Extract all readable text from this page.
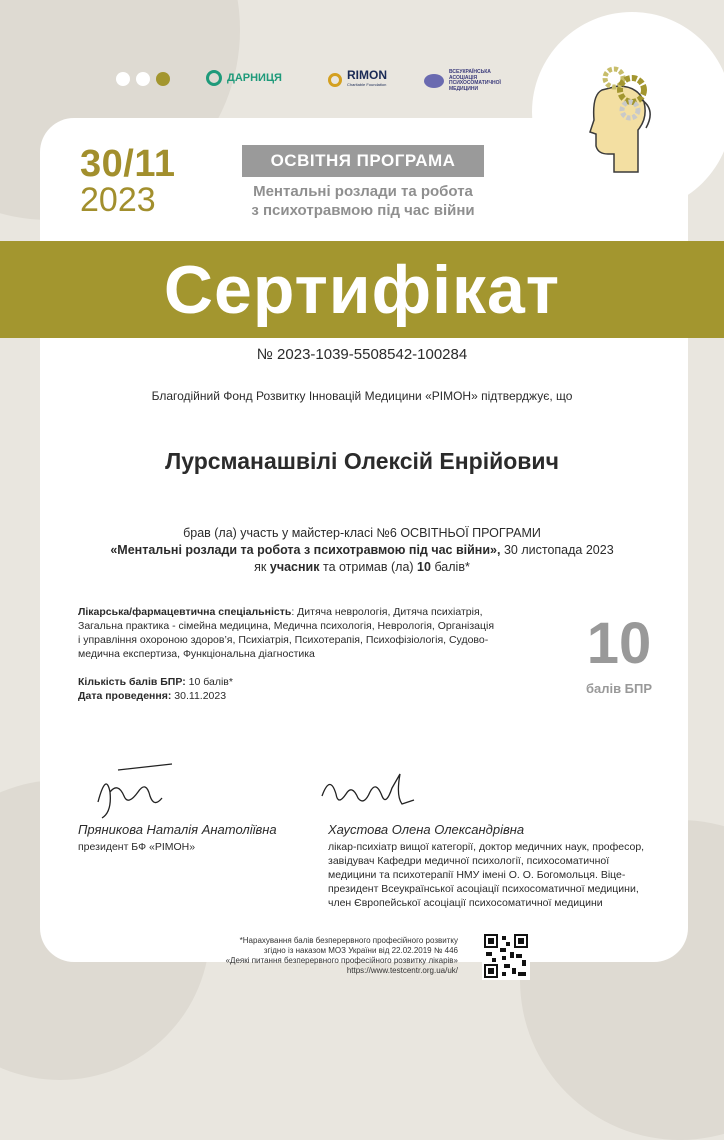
ДАРНИЦЯ	RIMON
Charitable Foundation
ВСЕУКРАЇНСЬКА
АСОЦІАЦІЯ
ПСИХОСОМАТИЧНОЇ
МЕДИЦИНИ
30/11
2023
ОСВІТНЯ ПРОГРАМА
Ментальні розлади та робота
з психотравмою під час війни
Сертифікат
№ 2023-1039-5508542-100284
Благодійний Фонд Розвитку Інновацій Медицини «РІМОН» підтверджує, що
Лурсманашвілі Олексій Енрійович
брав (ла) участь у майстер-класі №6 ОСВІТНЬОЇ ПРОГРАМИ
«Ментальні розлади та робота з психотравмою під час війни», 30 листопада 2023
як учасник та отримав (ла) 10 балів*
Лікарська/фармацевтична спеціальність: Дитяча неврологія, Дитяча психіатрія,
Загальна практика - сімейна медицина, Медична психологія, Неврологія, Організація
і управління охороною здоров’я, Психіатрія, Психотерапія, Психофізіологія, Судово-
медична експертиза, Функціональна діагностика
Кількість балів БПР: 10 балів*
Дата проведення: 30.11.2023
10
балів БПР
Пряникова Наталія Анатоліївна
президент БФ «РІМОН»
Хаустова Олена Олександрівна
лікар-психіатр вищої категорії, доктор медичних наук, професор,
завідувач Кафедри медичної психології, психосоматичної
медицини та психотерапії НМУ імені О. О. Богомольця. Віце-
президент Всеукраїнської асоціації психосоматичної медицини,
член Європейської асоціації психосоматичної медицини
*Нарахування балів безперервного професійного розвитку
згідно із наказом МОЗ України від 22.02.2019 № 446
«Деякі питання безперервного професійного розвитку лікарів»
https://www.testcentr.org.ua/uk/
